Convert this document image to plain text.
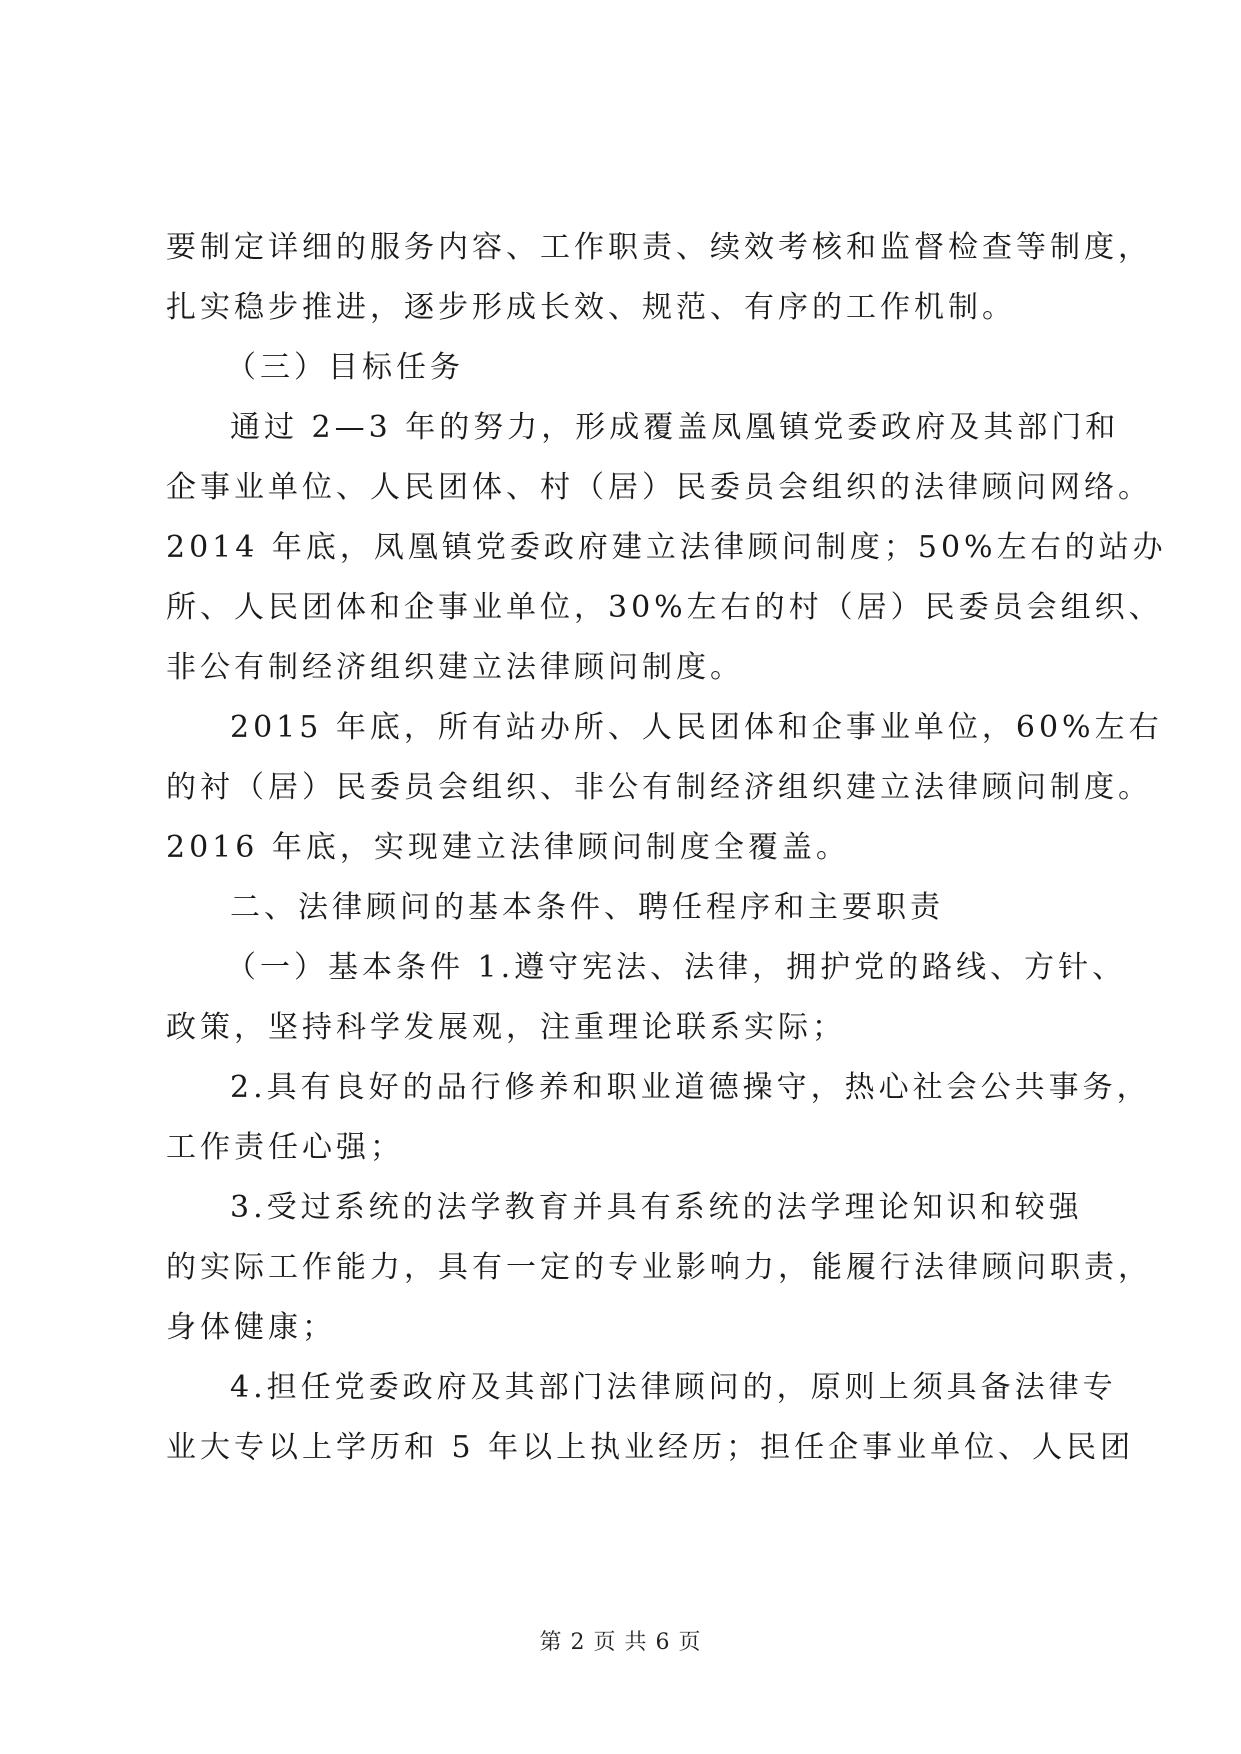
要制定详细的服务内容、工作职责、续效考核和监督检查等制度，
扎实稳步推进，逐步形成长效、规范、有序的工作机制。
（三）目标任务
通过 2—3 年的努力，形成覆盖凤凰镇党委政府及其部门和
企事业单位、人民团体、村（居）民委员会组织的法律顾问网络。
2014 年底，凤凰镇党委政府建立法律顾问制度；50%左右的站办
所、人民团体和企事业单位，30%左右的村（居）民委员会组织、
非公有制经济组织建立法律顾问制度。
2015 年底，所有站办所、人民团体和企事业单位，60%左右
的衬（居）民委员会组织、非公有制经济组织建立法律顾问制度。
2016 年底，实现建立法律顾问制度全覆盖。
二、法律顾问的基本条件、聘任程序和主要职责
（一）基本条件 1.遵守宪法、法律，拥护党的路线、方针、
政策，坚持科学发展观，注重理论联系实际；
2.具有良好的品行修养和职业道德操守，热心社会公共事务，
工作责任心强；
3.受过系统的法学教育并具有系统的法学理论知识和较强
的实际工作能力，具有一定的专业影响力，能履行法律顾问职责，
身体健康；
4.担任党委政府及其部门法律顾问的，原则上须具备法律专
业大专以上学历和 5 年以上执业经历；担任企事业单位、人民团
第 2 页 共 6 页
